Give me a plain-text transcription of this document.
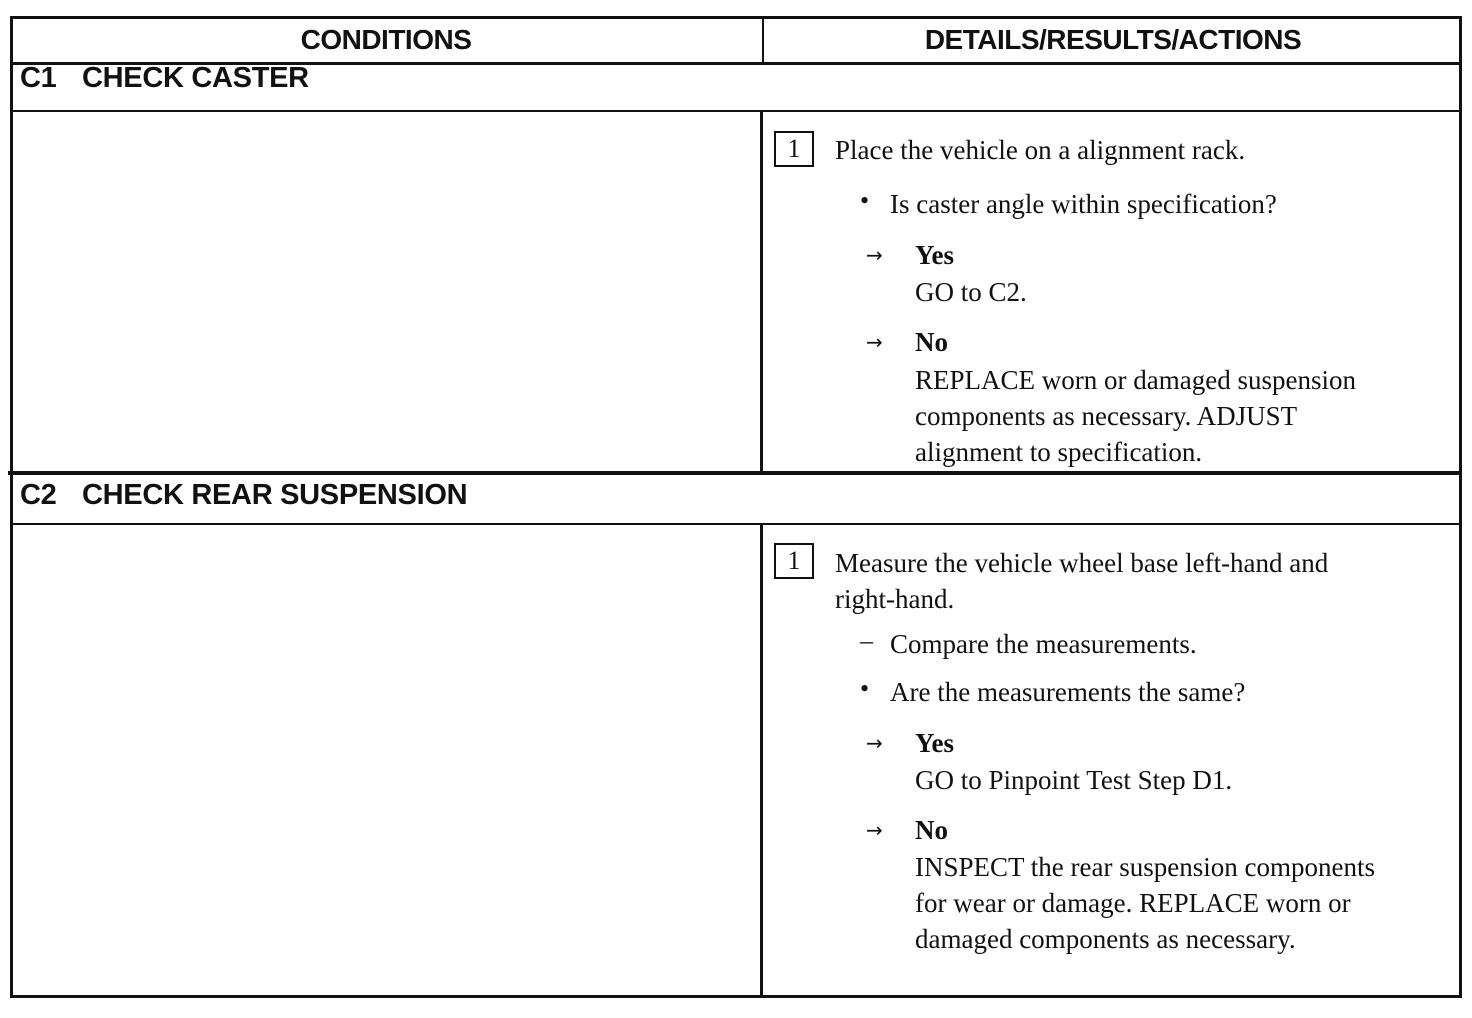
CONDITIONS	DETAILS/RESULTS/ACTIONS
C1 CHECK CASTER
1	Place the vehicle on a alignment rack.
• Is caster angle within specification?
→ Yes
GO to C2.
→ No
REPLACE worn or damaged suspension
components as necessary. ADJUST
alignment to specification.
C2 CHECK REAR SUSPENSION
1	Measure the vehicle wheel base left-hand and
right-hand.
– Compare the measurements.
• Are the measurements the same?
→ Yes
GO to Pinpoint Test Step D1.
→ No
INSPECT the rear suspension components
for wear or damage. REPLACE worn or
damaged components as necessary.
